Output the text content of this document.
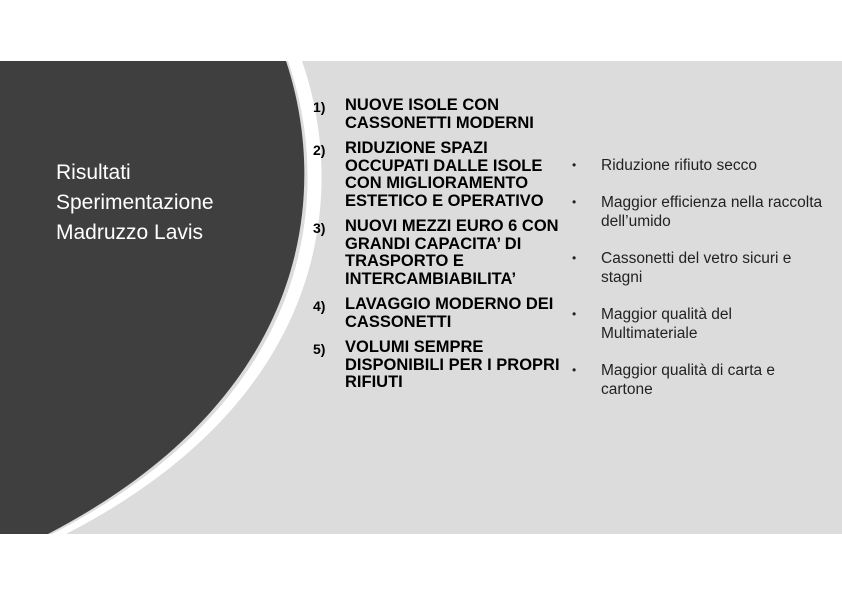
Risultati
Sperimentazione
Madruzzo Lavis
1)	NUOVE ISOLE CON CASSONETTI MODERNI
2)	RIDUZIONE SPAZI OCCUPATI DALLE ISOLE CON MIGLIORAMENTO ESTETICO E OPERATIVO
3)	NUOVI MEZZI EURO 6 CON GRANDI CAPACITA’ DI TRASPORTO E INTERCAMBIABILITA’
4)	LAVAGGIO MODERNO DEI CASSONETTI
5)	VOLUMI SEMPRE DISPONIBILI PER I PROPRI RIFIUTI
•	Riduzione rifiuto secco
•	Maggior efficienza nella raccolta dell’umido
•	Cassonetti del vetro sicuri e stagni
•	Maggior qualità del Multimateriale
•	Maggior qualità di carta e cartone
